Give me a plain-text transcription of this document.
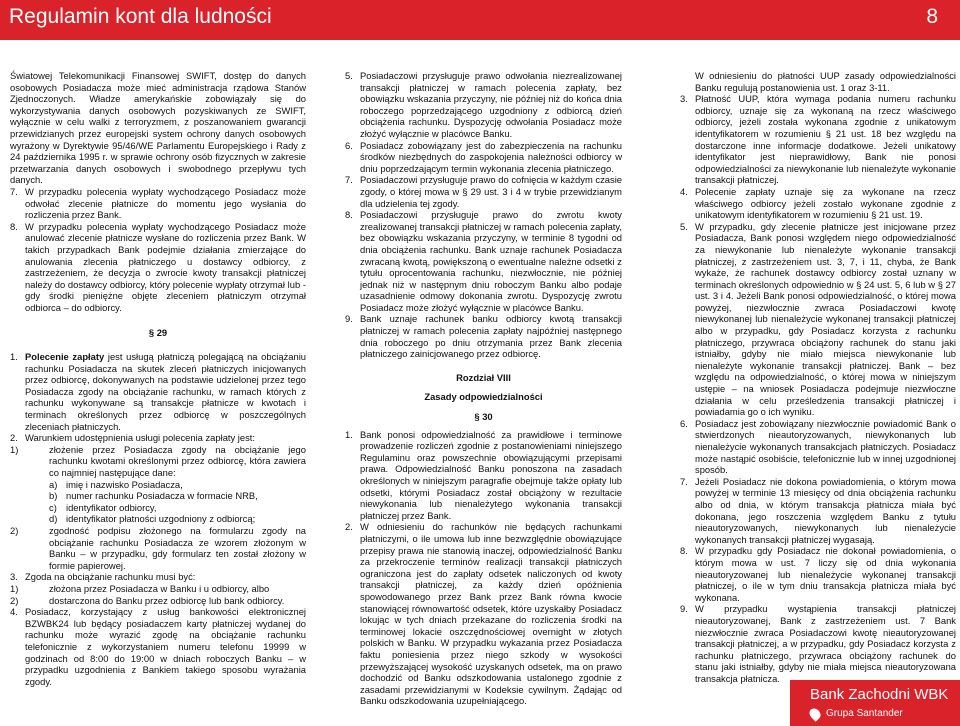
Regulamin kont dla ludności	8

Światowej Telekomunikacji Finansowej SWIFT, dostęp do danych osobowych Posiadacza może mieć administracja rządowa Stanów Zjednoczonych. Władze amerykańskie zobowiązały się do wykorzystywania danych osobowych pozyskiwanych ze SWIFT, wyłącznie w celu walki z terroryzmem, z poszanowaniem gwarancji przewidzianych przez europejski system ochrony danych osobowych wyrażony w Dyrektywie 95/46/WE Parlamentu Europejskiego i Rady z 24 października 1995 r. w sprawie ochrony osób fizycznych w zakresie przetwarzania danych osobowych i swobodnego przepływu tych danych.

7. W przypadku polecenia wypłaty wychodzącego Posiadacz może odwołać zlecenie płatnicze do momentu jego wysłania do rozliczenia przez Bank.
8. W przypadku polecenia wypłaty wychodzącego Posiadacz może anulować zlecenie płatnicze wysłane do rozliczenia przez Bank. W takich przypadkach Bank podejmie działania zmierzające do anulowania zlecenia płatniczego u dostawcy odbiorcy, z zastrzeżeniem, że decyzja o zwrocie kwoty transakcji płatniczej należy do dostawcy odbiorcy, który polecenie wypłaty otrzymał lub - gdy środki pieniężne objęte zleceniem płatniczym otrzymał odbiorca – do odbiorcy.

§ 29

1. Polecenie zapłaty jest usługą płatniczą polegającą na obciążaniu rachunku Posiadacza na skutek zleceń płatniczych inicjowanych przez odbiorcę, dokonywanych na podstawie udzielonej przez tego Posiadacza zgody na obciążanie rachunku, w ramach których z rachunku wykonywane są transakcje płatnicze w kwotach i terminach określonych przez odbiorcę w poszczególnych zleceniach płatniczych.
2. Warunkiem udostępnienia usługi polecenia zapłaty jest:
1)	złożenie przez Posiadacza zgody na obciążanie jego rachunku kwotami określonymi przez odbiorcę, która zawiera co najmniej następujące dane:
a) imię i nazwisko Posiadacza,
b) numer rachunku Posiadacza w formacie NRB,
c) identyfikator odbiorcy,
d) identyfikator płatności uzgodniony z odbiorcą;
2)	zgodność podpisu złożonego na formularzu zgody na obciążanie rachunku Posiadacza ze wzorem złożonym w Banku – w przypadku, gdy formularz ten został złożony w formie papierowej.
3. Zgoda na obciążanie rachunku musi być:
1)	złożona przez Posiadacza w Banku i u odbiorcy, albo
2)	dostarczona do Banku przez odbiorcę lub bank odbiorcy.
4. Posiadacz, korzystający z usług bankowości elektronicznej BZWBK24 lub będący posiadaczem karty płatniczej wydanej do rachunku może wyrazić zgodę na obciążanie rachunku telefonicznie z wykorzystaniem numeru telefonu 19999 w godzinach od 8:00 do 19:00 w dniach roboczych Banku – w przypadku uzgodnienia z Bankiem takiego sposobu wyrażania zgody.
5. Posiadaczowi przysługuje prawo odwołania niezrealizowanej transakcji płatniczej w ramach polecenia zapłaty, bez obowiązku wskazania przyczyny, nie później niż do końca dnia roboczego poprzedzającego uzgodniony z odbiorcą dzień obciążenia rachunku. Dyspozycję odwołania Posiadacz może złożyć wyłącznie w placówce Banku.
6. Posiadacz zobowiązany jest do zabezpieczenia na rachunku środków niezbędnych do zaspokojenia należności odbiorcy w dniu poprzedzającym termin wykonania zlecenia płatniczego.
7. Posiadaczowi przysługuje prawo do cofnięcia w każdym czasie zgody, o której mowa w § 29 ust. 3 i 4 w trybie przewidzianym dla udzielenia tej zgody.
8. Posiadaczowi przysługuje prawo do zwrotu kwoty zrealizowanej transakcji płatniczej w ramach polecenia zapłaty, bez obowiązku wskazania przyczyny, w terminie 8 tygodni od dnia obciążenia rachunku. Bank uznaje rachunek Posiadacza zwracaną kwotą, powiększoną o ewentualne należne odsetki z tytułu oprocentowania rachunku, niezwłocznie, nie później jednak niż w następnym dniu roboczym Banku albo podaje uzasadnienie odmowy dokonania zwrotu. Dyspozycję zwrotu Posiadacz może złożyć wyłącznie w placówce Banku.
9. Bank uznaje rachunek banku odbiorcy kwotą transakcji płatniczej w ramach polecenia zapłaty najpóźniej następnego dnia roboczego po dniu otrzymania przez Bank zlecenia płatniczego zainicjowanego przez odbiorcę.

Rozdział VIII

Zasady odpowiedzialności

§ 30

1. Bank ponosi odpowiedzialność za prawidłowe i terminowe prowadzenie rozliczeń zgodnie z postanowieniami niniejszego Regulaminu oraz powszechnie obowiązującymi przepisami prawa. Odpowiedzialność Banku ponoszona na zasadach określonych w niniejszym paragrafie obejmuje także opłaty lub odsetki, którymi Posiadacz został obciążony w rezultacie niewykonania lub nienależytego wykonania transakcji płatniczej przez Bank.
2. W odniesieniu do rachunków nie będących rachunkami płatniczymi, o ile umowa lub inne bezwzględnie obowiązujące przepisy prawa nie stanowią inaczej, odpowiedzialność Banku za przekroczenie terminów realizacji transakcji płatniczych ograniczona jest do zapłaty odsetek naliczonych od kwoty transakcji płatniczej, za każdy dzień opóźnienia spowodowanego przez Bank przez Bank równa kwocie stanowiącej równowartość odsetek, które uzyskałby Posiadacz lokując w tych dniach przekazane do rozliczenia środki na terminowej lokacie oszczędnościowej overnight w złotych polskich w Banku. W przypadku wykazania przez Posiadacza faktu poniesienia przez niego szkody w wysokości przewyższającej wysokość uzyskanych odsetek, ma on prawo dochodzić od Banku odszkodowania ustalonego zgodnie z zasadami przewidzianymi w Kodeksie cywilnym. Żądając od Banku odszkodowania uzupełniającego.

W odniesieniu do płatności UUP zasady odpowiedzialności Banku regulują postanowienia ust. 1 oraz 3-11.

3. Płatność UUP, która wymaga podania numeru rachunku odbiorcy, uznaje się za wykonaną na rzecz właściwego odbiorcy, jeżeli została wykonana zgodnie z unikatowym identyfikatorem w rozumieniu § 21 ust. 18 bez względu na dostarczone inne informacje dodatkowe. Jeżeli unikatowy identyfikator jest nieprawidłowy, Bank nie ponosi odpowiedzialności za niewykonanie lub nienależyte wykonanie transakcji płatniczej.
4. Polecenie zapłaty uznaje się za wykonane na rzecz właściwego odbiorcy jeżeli zostało wykonane zgodnie z unikatowym identyfikatorem w rozumieniu § 21 ust. 19.
5. W przypadku, gdy zlecenie płatnicze jest inicjowane przez Posiadacza, Bank ponosi względem niego odpowiedzialność za niewykonanie lub nienależyte wykonanie transakcji płatniczej, z zastrzeżeniem ust. 3, 7, i 11, chyba, że Bank wykaże, że rachunek dostawcy odbiorcy został uznany w terminach określonych odpowiednio w § 24 ust. 5, 6 lub w § 27 ust. 3 i 4. Jeżeli Bank ponosi odpowiedzialność, o której mowa powyżej, niezwłocznie zwraca Posiadaczowi kwotę niewykonanej lub nienależycie wykonanej transakcji płatniczej albo w przypadku, gdy Posiadacz korzysta z rachunku płatniczego, przywraca obciążony rachunek do stanu jaki istniałby, gdyby nie miało miejsca niewykonanie lub nienależyte wykonanie transakcji płatniczej. Bank – bez względu na odpowiedzialność, o której mowa w niniejszym ustępie – na wniosek Posiadacza podejmuje niezwłoczne działania w celu prześledzenia transakcji płatniczej i powiadamia go o ich wyniku.
6. Posiadacz jest zobowiązany niezwłocznie powiadomić Bank o stwierdzonych nieautoryzowanych, niewykonanych lub nienależycie wykonanych transakcjach płatniczych. Posiadacz może nastąpić osobiście, telefonicznie lub w innej uzgodnionej sposób.
7. Jeżeli Posiadacz nie dokona powiadomienia, o którym mowa powyżej w terminie 13 miesięcy od dnia obciążenia rachunku albo od dnia, w którym transakcja płatnicza miała być dokonana, jego roszczenia względem Banku z tytułu nieautoryzowanych, niewykonanych lub nienależycie wykonanych transakcji płatniczej wygasają.
8. W przypadku gdy Posiadacz nie dokonał powiadomienia, o którym mowa w ust. 7 liczy się od dnia wykonania nieautoryzowanej lub nienależycie wykonanej transakcji płatniczej, o ile w tym dniu transakcja płatnicza miała być wykonana.
9. W przypadku wystąpienia transakcji płatniczej nieautoryzowanej, Bank z zastrzeżeniem ust. 7 Bank niezwłocznie zwraca Posiadaczowi kwotę nieautoryzowanej transakcji płatniczej, a w przypadku, gdy Posiadacz korzysta z rachunku płatniczego, przywraca obciążony rachunek do stanu jaki istniałby, gdyby nie miała miejsca nieautoryzowana transakcja płatnicza.
Bank Zachodni WBK
Grupa Santander
